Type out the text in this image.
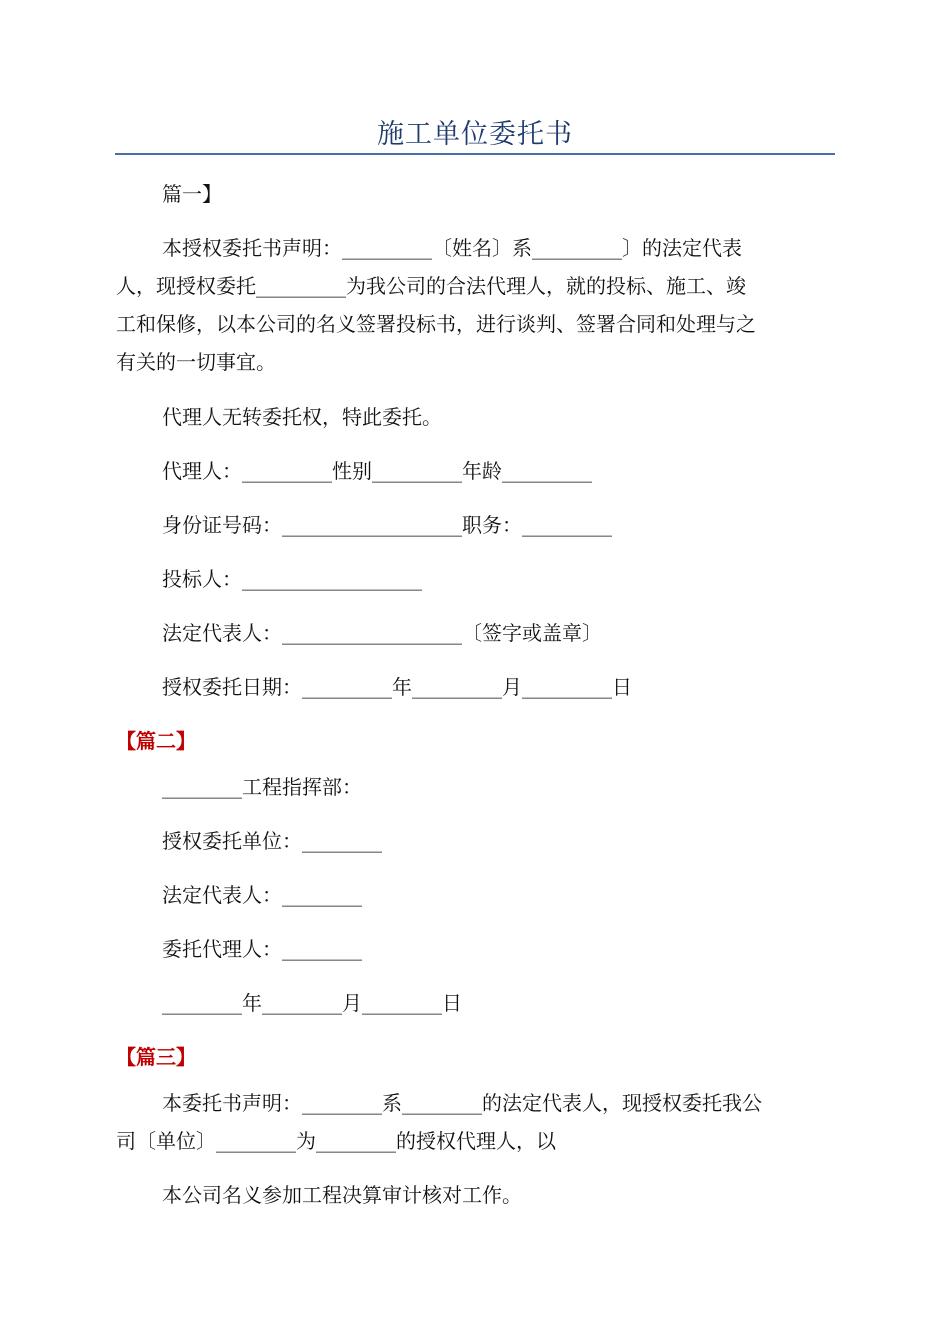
施工单位委托书
篇一】
本授权委托书声明：_________〔姓名〕系_________〕的法定代表
人，现授权委托_________为我公司的合法代理人，就的投标、施工、竣
工和保修，以本公司的名义签署投标书，进行谈判、签署合同和处理与之
有关的一切事宜。
代理人无转委托权，特此委托。
代理人：_________性别_________年龄_________
身份证号码：__________________职务：_________
投标人：__________________
法定代表人：__________________〔签字或盖章〕
授权委托日期：_________年_________月_________日
【篇二】
________工程指挥部：
授权委托单位：________
法定代表人：________
委托代理人：________
________年________月________日
【篇三】
本委托书声明：________系________的法定代表人，现授权委托我公
司〔单位〕________为________的授权代理人，以
本公司名义参加工程决算审计核对工作。
